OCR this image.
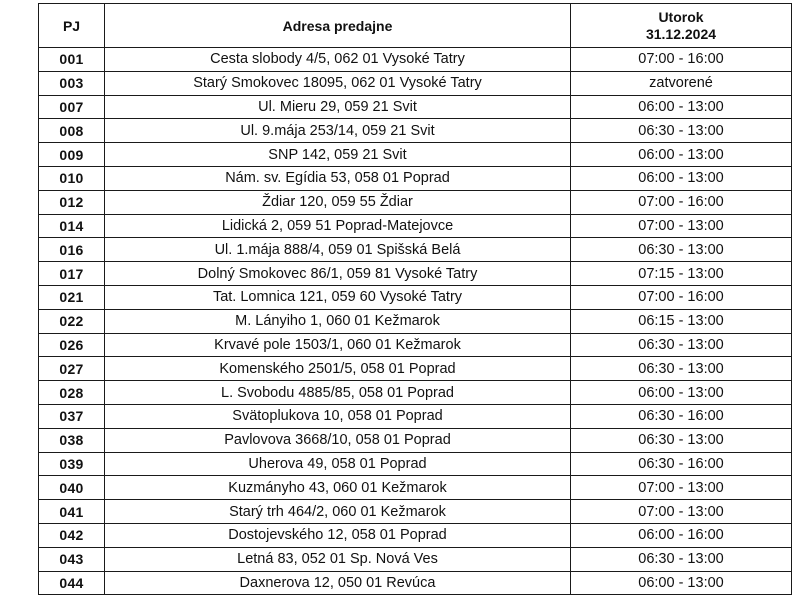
PJ	Adresa predajne	Utorok
31.12.2024

001	Cesta slobody 4/5, 062 01 Vysoké Tatry	07:00 - 16:00
003	Starý Smokovec 18095, 062 01 Vysoké Tatry	zatvorené
007	Ul. Mieru 29, 059 21 Svit	06:00 - 13:00
008	Ul. 9.mája 253/14, 059 21 Svit	06:30 - 13:00
009	SNP 142, 059 21 Svit	06:00 - 13:00
010	Nám. sv. Egídia 53, 058 01 Poprad	06:00 - 13:00
012	Ždiar 120, 059 55 Ždiar	07:00 - 16:00
014	Lidická 2, 059 51 Poprad-Matejovce	07:00 - 13:00
016	Ul. 1.mája 888/4, 059 01 Spišská Belá	06:30 - 13:00
017	Dolný Smokovec 86/1, 059 81 Vysoké Tatry	07:15 - 13:00
021	Tat. Lomnica 121, 059 60 Vysoké Tatry	07:00 - 16:00
022	M. Lányiho 1, 060 01 Kežmarok	06:15 - 13:00
026	Krvavé pole 1503/1, 060 01 Kežmarok	06:30 - 13:00
027	Komenského 2501/5, 058 01 Poprad	06:30 - 13:00
028	L. Svobodu 4885/85, 058 01 Poprad	06:00 - 13:00
037	Svätoplukova 10, 058 01 Poprad	06:30 - 16:00
038	Pavlovova 3668/10, 058 01 Poprad	06:30 - 13:00
039	Uherova 49, 058 01 Poprad	06:30 - 16:00
040	Kuzmányho 43, 060 01 Kežmarok	07:00 - 13:00
041	Starý trh 464/2, 060 01 Kežmarok	07:00 - 13:00
042	Dostojevského 12, 058 01 Poprad	06:00 - 16:00
043	Letná 83, 052 01 Sp. Nová Ves	06:30 - 13:00
044	Daxnerova 12, 050 01 Revúca	06:00 - 13:00
